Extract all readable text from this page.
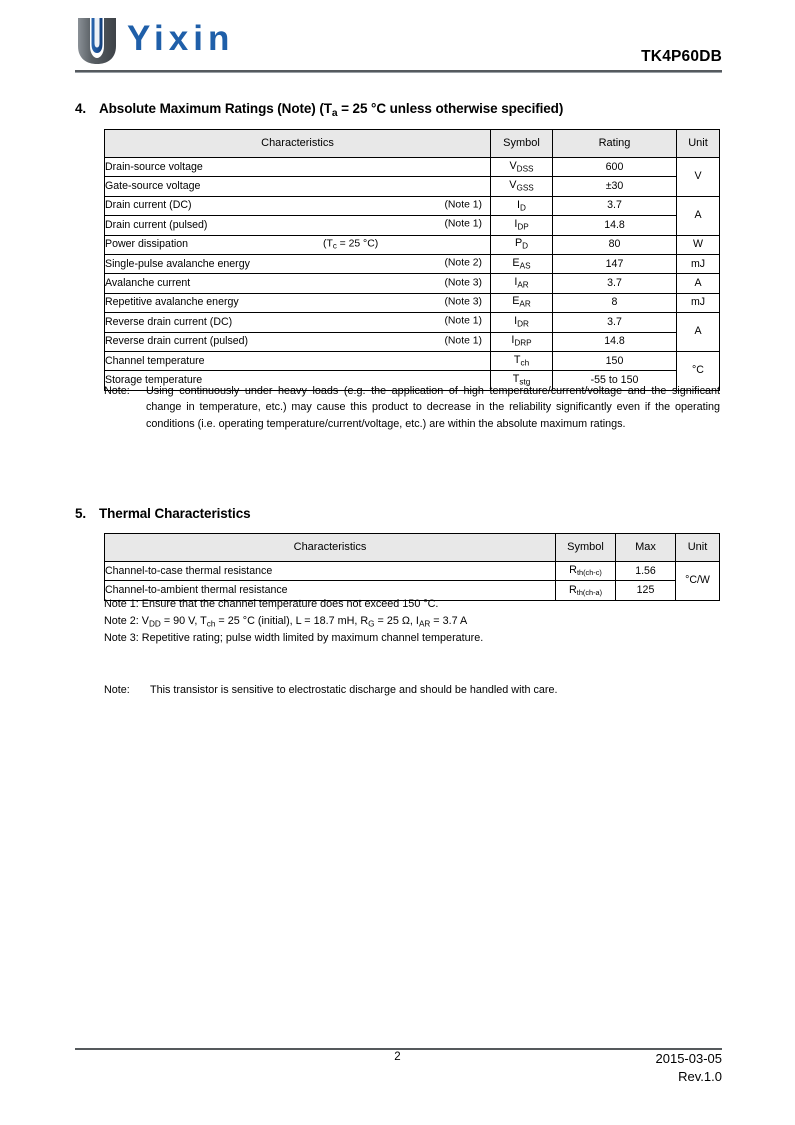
Yixin	TK4P60DB
4. Absolute Maximum Ratings (Note) ($T_a = 25$ °C unless otherwise specified)
Characteristics	Symbol	Rating	Unit
Drain-source voltage	$V_{DSS}$	600	V
Gate-source voltage	$V_{GSS}$	±30	
Drain current (DC) (Note 1)	$I_D$	3.7	A
Drain current (pulsed) (Note 1)	$I_{DP}$	14.8	
Power dissipation ($T_c = 25$ °C)	$P_D$	80	W
Single-pulse avalanche energy (Note 2)	$E_{AS}$	147	mJ
Avalanche current (Note 3)	$I_{AR}$	3.7	A
Repetitive avalanche energy (Note 3)	$E_{AR}$	8	mJ
Reverse drain current (DC) (Note 1)	$I_{DR}$	3.7	A
Reverse drain current (pulsed) (Note 1)	$I_{DRP}$	14.8	
Channel temperature	$T_{ch}$	150	°C
Storage temperature	$T_{stg}$	-55 to 150	
Note:	Using continuously under heavy loads (e.g. the application of high temperature/current/voltage and the significant change in temperature, etc.) may cause this product to decrease in the reliability significantly even if the operating conditions (i.e. operating temperature/current/voltage, etc.) are within the absolute maximum ratings.
5. Thermal Characteristics
Characteristics	Symbol	Max	Unit
Channel-to-case thermal resistance	$R_{th(ch-c)}$	1.56	°C/W
Channel-to-ambient thermal resistance	$R_{th(ch-a)}$	125	
Note 1: Ensure that the channel temperature does not exceed 150 °C.
Note 2: $V_{DD} = 90$ V, $T_{ch} = 25$ °C (initial), L = 18.7 mH, $R_G = 25$ Ω, $I_{AR} = 3.7$ A
Note 3: Repetitive rating; pulse width limited by maximum channel temperature.
Note:	This transistor is sensitive to electrostatic discharge and should be handled with care.
2	2015-03-05
Rev.1.0
